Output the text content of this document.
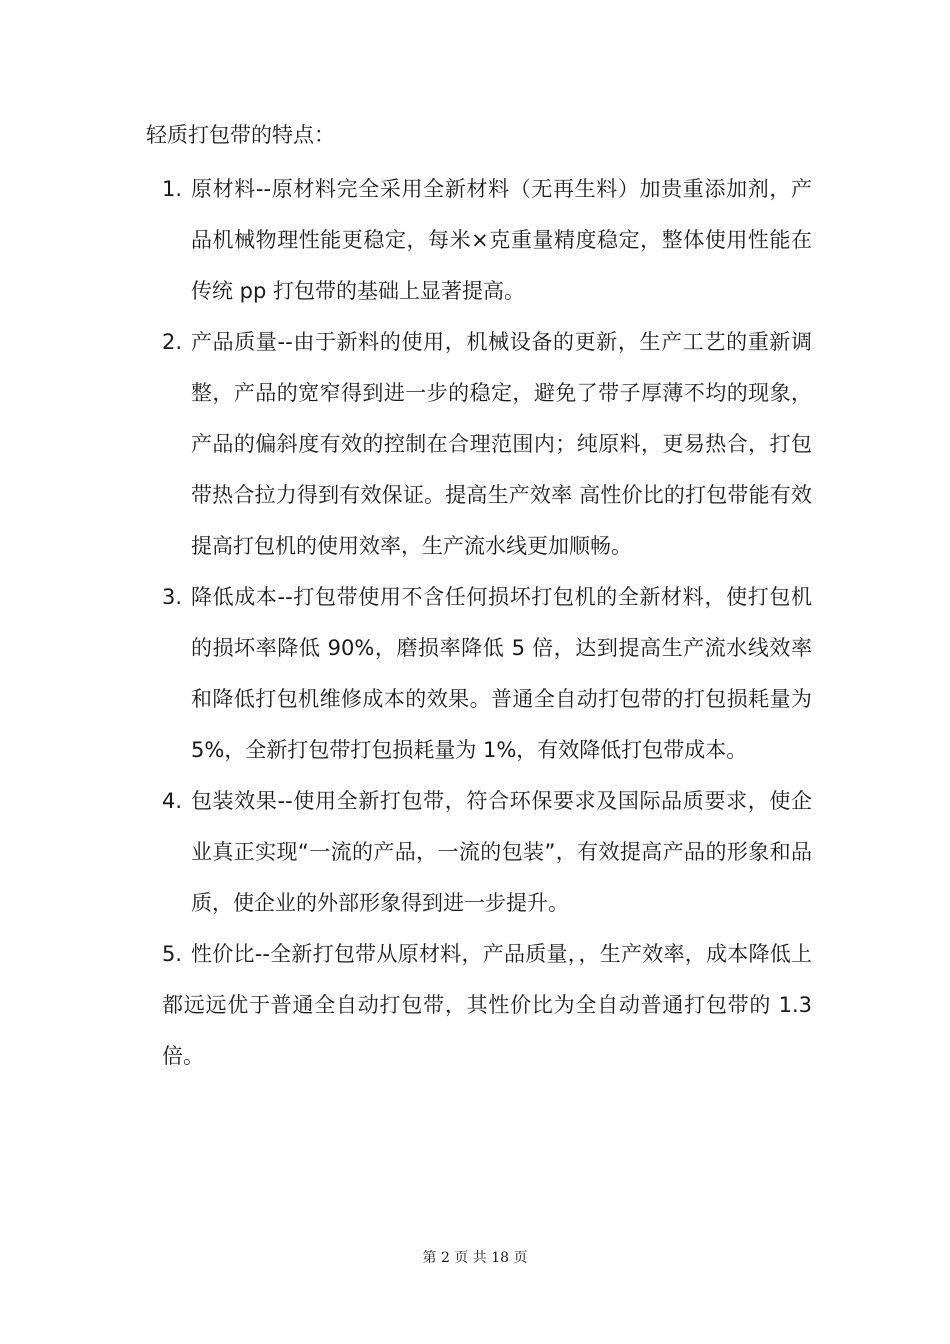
轻质打包带的特点：
1. 原材料--原材料完全采用全新材料（无再生料）加贵重添加剂，产品机械物理性能更稳定，每米×克重量精度稳定，整体使用性能在传统 pp 打包带的基础上显著提高。
2. 产品质量--由于新料的使用，机械设备的更新，生产工艺的重新调整，产品的宽窄得到进一步的稳定，避免了带子厚薄不均的现象，产品的偏斜度有效的控制在合理范围内；纯原料，更易热合，打包带热合拉力得到有效保证。提高生产效率 高性价比的打包带能有效提高打包机的使用效率，生产流水线更加顺畅。
3. 降低成本--打包带使用不含任何损坏打包机的全新材料，使打包机的损坏率降低 90%，磨损率降低 5 倍，达到提高生产流水线效率和降低打包机维修成本的效果。普通全自动打包带的打包损耗量为 5%，全新打包带打包损耗量为 1%，有效降低打包带成本。
4. 包装效果--使用全新打包带，符合环保要求及国际品质要求，使企业真正实现“一流的产品，一流的包装”，有效提高产品的形象和品质，使企业的外部形象得到进一步提升。
5. 性价比--全新打包带从原材料，产品质量，，生产效率，成本降低上都远远优于普通全自动打包带，其性价比为全自动普通打包带的 1.3 倍。
第 2 页 共 18 页
